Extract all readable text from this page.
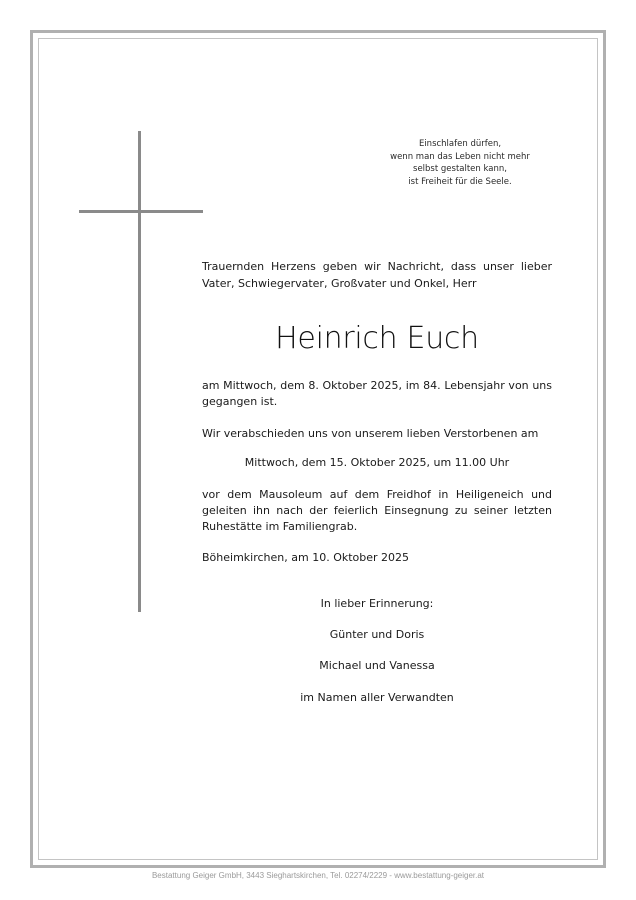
Einschlafen dürfen,
wenn man das Leben nicht mehr
selbst gestalten kann,
ist Freiheit für die Seele.
Trauernden Herzens geben wir Nachricht, dass unser lieber Vater, Schwiegervater, Großvater und Onkel, Herr
Heinrich Euch
am Mittwoch, dem 8. Oktober 2025, im 84. Lebensjahr von uns gegangen ist.
Wir verabschieden uns von unserem lieben Verstorbenen am
Mittwoch, dem 15. Oktober 2025, um 11.00 Uhr
vor dem Mausoleum auf dem Freidhof in Heiligeneich und geleiten ihn nach der feierlich Einsegnung zu seiner letzten Ruhestätte im Familiengrab.
Böheimkirchen, am 10. Oktober 2025
In lieber Erinnerung:
Günter und Doris
Michael und Vanessa
im Namen aller Verwandten
Bestattung Geiger GmbH, 3443 Sieghartskirchen, Tel. 02274/2229 - www.bestattung-geiger.at
